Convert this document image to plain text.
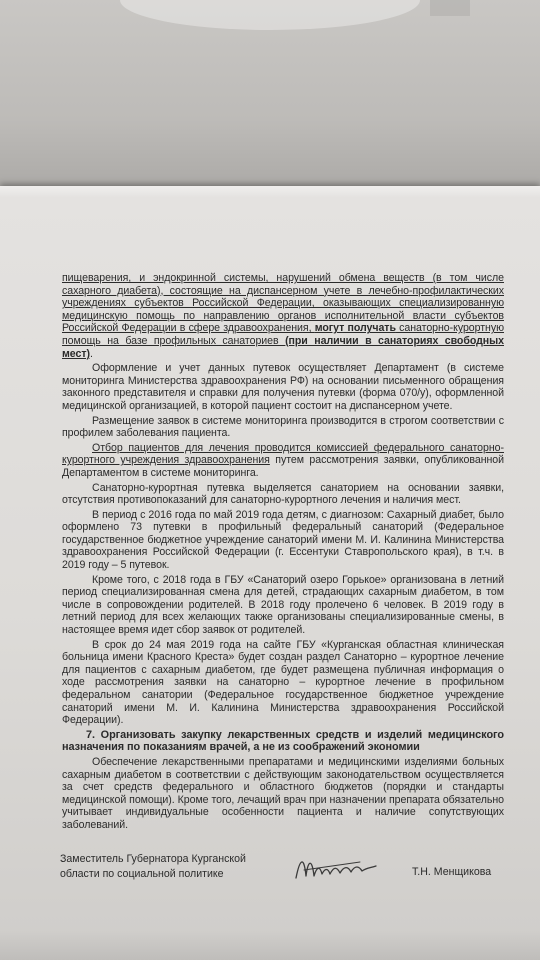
пищеварения, и эндокринной системы, нарушений обмена веществ (в том числе сахарного диабета), состоящие на диспансерном учете в лечебно-профилактических учреждениях субъектов Российской Федерации, оказывающих специализированную медицинскую помощь по направлению органов исполнительной власти субъектов Российской Федерации в сфере здравоохранения, могут получать санаторно-курортную помощь на базе профильных санаториев (при наличии в санаториях свободных мест).

Оформление и учет данных путевок осуществляет Департамент (в системе мониторинга Министерства здравоохранения РФ) на основании письменного обращения законного представителя и справки для получения путевки (форма 070/у), оформленной медицинской организацией, в которой пациент состоит на диспансерном учете.

Размещение заявок в системе мониторинга производится в строгом соответствии с профилем заболевания пациента.

Отбор пациентов для лечения проводится комиссией федерального санаторно-курортного учреждения здравоохранения путем рассмотрения заявки, опубликованной Департаментом в системе мониторинга.

Санаторно-курортная путевка выделяется санаторием на основании заявки, отсутствия противопоказаний для санаторно-курортного лечения и наличия мест.

В период с 2016 года по май 2019 года детям, с диагнозом: Сахарный диабет, было оформлено 73 путевки в профильный федеральный санаторий (Федеральное государственное бюджетное учреждение санаторий имени М. И. Калинина Министерства здравоохранения Российской Федерации (г. Ессентуки Ставропольского края), в т.ч. в 2019 году – 5 путевок.

Кроме того, с 2018 года в ГБУ «Санаторий озеро Горькое» организована в летний период специализированная смена для детей, страдающих сахарным диабетом, в том числе в сопровождении родителей. В 2018 году пролечено 6 человек. В 2019 году в летний период для всех желающих также организованы специализированные смены, в настоящее время идет сбор заявок от родителей.

В срок до 24 мая 2019 года на сайте ГБУ «Курганская областная клиническая больница имени Красного Креста» будет создан раздел Санаторно – курортное лечение для пациентов с сахарным диабетом, где будет размещена публичная информация о ходе рассмотрения заявки на санаторно – курортное лечение в профильном федеральном санатории (Федеральное государственное бюджетное учреждение санаторий имени М. И. Калинина Министерства здравоохранения Российской Федерации).

7. Организовать закупку лекарственных средств и изделий медицинского назначения по показаниям врачей, а не из соображений экономии

Обеспечение лекарственными препаратами и медицинскими изделиями больных сахарным диабетом в соответствии с действующим законодательством осуществляется за счет средств федерального и областного бюджетов (порядки и стандарты медицинской помощи). Кроме того, лечащий врач при назначении препарата обязательно учитывает индивидуальные особенности пациента и наличие сопутствующих заболеваний.

Заместитель Губернатора Курганской
области по социальной политике	Т.Н. Менщикова
